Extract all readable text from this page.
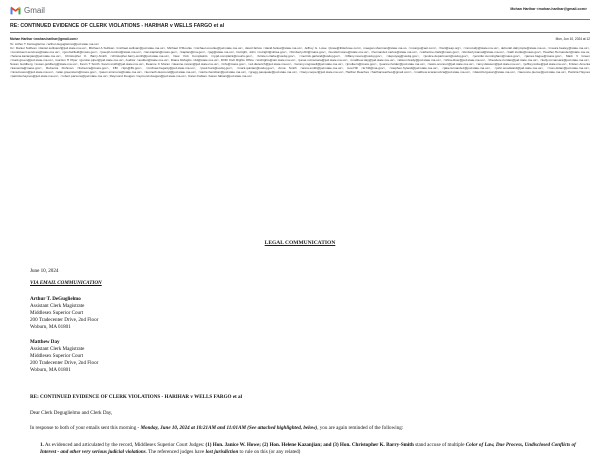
Gmail	Mohan Harihar <mohan.harihar@gmail.com>
RE: CONTINUED EVIDENCE OF CLERK VIOLATIONS - HARIHAR v WELLS FARGO et al
Mohan Harihar <mohan.harihar@gmail.com>	Mon, Jun 10, 2024 at 12
To: Arthur T. DeGuglielmo <arthur.deguglielmo@jud.state.ma.us>
Cc: Daniel Sullivan <daniel.sullivan2@jud.state.ma.us>, Michael A Sullivan <michael.sullivan@jud.state.ma.us>, Michael O'Rourke <michael.orourke@jud.state.ma.us>, david farlow <david.farlow@state.ma.us>, Jeffrey G. Lowe <jlowe@littlerlowe.com>, maegan.sherman@state.ma.us, <mcargo@aol.com>, <hart@eap.org>, <mmccally@state.ma.us>, deborah.dalrymple@state.ma.us, <maura.healey@state.ma.us>, <constituent.services@state.ma.us>, <gov.fairfield@mass.gov>, <joseph.tombul@state.ma.us>, <ian.kaplan@mass.gov>, <kaplan@ma.gov>, <jag@state.ma.us>, Cutright, John <cutright@dcisa.gov>, <Kimberly.Ahl@mass.gov>, <kendell.stone@state.ma.us>, <hernandez.carlos@state.ma.us>, <catherine.clark@mass.gov>, <kimberly.kamal@state.ma.us>, <kath.lcottle@mass.gov>, Heather.Hernandez@state.ma.us, <helena.kazanjian@jud.state.ma.us>, Christopher K. Barry-Smith <christopher.barry-smith@jud.state.ma.us>, New York Complaints <nypd.complaint@courts.gov>, <kristen.clarke@usdoj.gov>, <merrick.garland@usdoj.gov>, <tiffany.moore@usdoj.gov>, <deputyag@usdoj.gov>, <justice.department@usdoj.gov>, <jennifer.cunningham@mass.gov>, <james.hague@mass.gov>, Mark V Green <mark.green@jud.state.ma.us>, Gordon H Piper <gordon.piper@jud.state.ma.us>, Auditor <auditor@state.ma.us>, Diana DiZoglio <dd@state.ma.us>, DOR Civil Rights Office <civilrights@dor.state.ma.us>, <janet.mcnamara@jud.state.ma.us>, <matthew.day@jud.state.ma.us>, <alison.brady@jud.state.ma.us>, <shira.diner@jud.state.ma.us>, <theodore.riordan@jud.state.ma.us>, <kelly.mcnamara@jud.state.ma.us>, Susan Goldberg <susan.goldberg@state.ma.us>, Kevin T Smith <kevin.smith@jud.state.ma.us>, Deanne C Moran <deanne.moran@jud.state.ma.us>, <info@mass.gov>, <ed.dieterich@jud.state.ma.us>, <tammy.cogswell@jud.state.ma.us>, <jmulkern@mass.gov>, <jeanne.holder@jud.state.ma.us>, <lewis.oconnor@jud.state.ma.us>, <amy.dawson@jud.state.ma.us>, <jeffrey.locke@jud.state.ma.us>, Kristen Amenta <kamenta@mass.gov>, Rebecca Fishman <frebecca@mass.gov>, FBI <tips@fbi.gov>, <michael.hegarty@jud.state.ma.us>, <paul.hunt@usdoj.gov>, <mark.quinlan@usdoj.gov>, Anna Smith <anna.smith@jud.state.ma.us>, Gov.Hill <kr.hill@ma.gov>, <stephen.hyland@jud.state.ma.us>, <jake.fernandez@jud.state.ma.us>, <john.woodward@jud.state.ma.us>, <ross.dolan@jud.state.ma.us>, <nina.bowen@jud.state.ma.us>, <alan.greenstein@mass.gov>, <jason.simmons@state.ma.us>, <kenneth.desmond@jud.state.ma.us>, <carrie.hamilton@jud.state.ma.us>, <gregg.pasquale@jud.state.ma.us>, <tracy.cooper@jud.state.ma.us>, Harihar Reaches <hariharreaches@gmail.com>, <matthew.scaramuzza@jud.state.ma.us>, <david.ferguson@state.ma.us>, <laurence.pierce@jud.state.ma.us>, Patricia Haynes <patricia.haynes@jud.state.ma.us>, <robert.parsons@jud.state.ma.us>, Raymond Dougan <raymond.dougan@jud.state.ma.us>, Karen Fabian <karen.fabian@jud.state.ma.us>
LEGAL COMMUNICATION
June 10, 2024
VIA EMAIL COMMUNICATION
Arthur T. DeGuglielmo
Assistant Clerk Magistrate
Middlesex Superior Court
200 Tradecenter Drive, 2nd Floor
Woburn, MA 01801
Matthew Day
Assistant Clerk Magistrate
Middlesex Superior Court
200 Tradecenter Drive, 2nd Floor
Woburn, MA 01801
RE: CONTINUED EVIDENCE OF CLERK VIOLATIONS - HARIHAR v WELLS FARGO et al
Dear Clerk Deguglielmo and Clerk Day,
In response to both of your emails sent this morning - Monday, June 10, 2024 at 10:21AM and 11:01AM (See attached highlighted, below), you are again reminded of the following:
1. As evidenced and articulated by the record, Middlesex Superior Court Judges: (1) Hon. Janice W. Howe; (2) Hon. Helene Kazanjian; and (3) Hon. Christopher K. Barry-Smith stand accuse of multiple Color of Law, Due Process, Undisclosed Conflicts of Interest - and other very serious judicial violations. The referenced judges have lost jurisdiction to rule on this (or any related)
